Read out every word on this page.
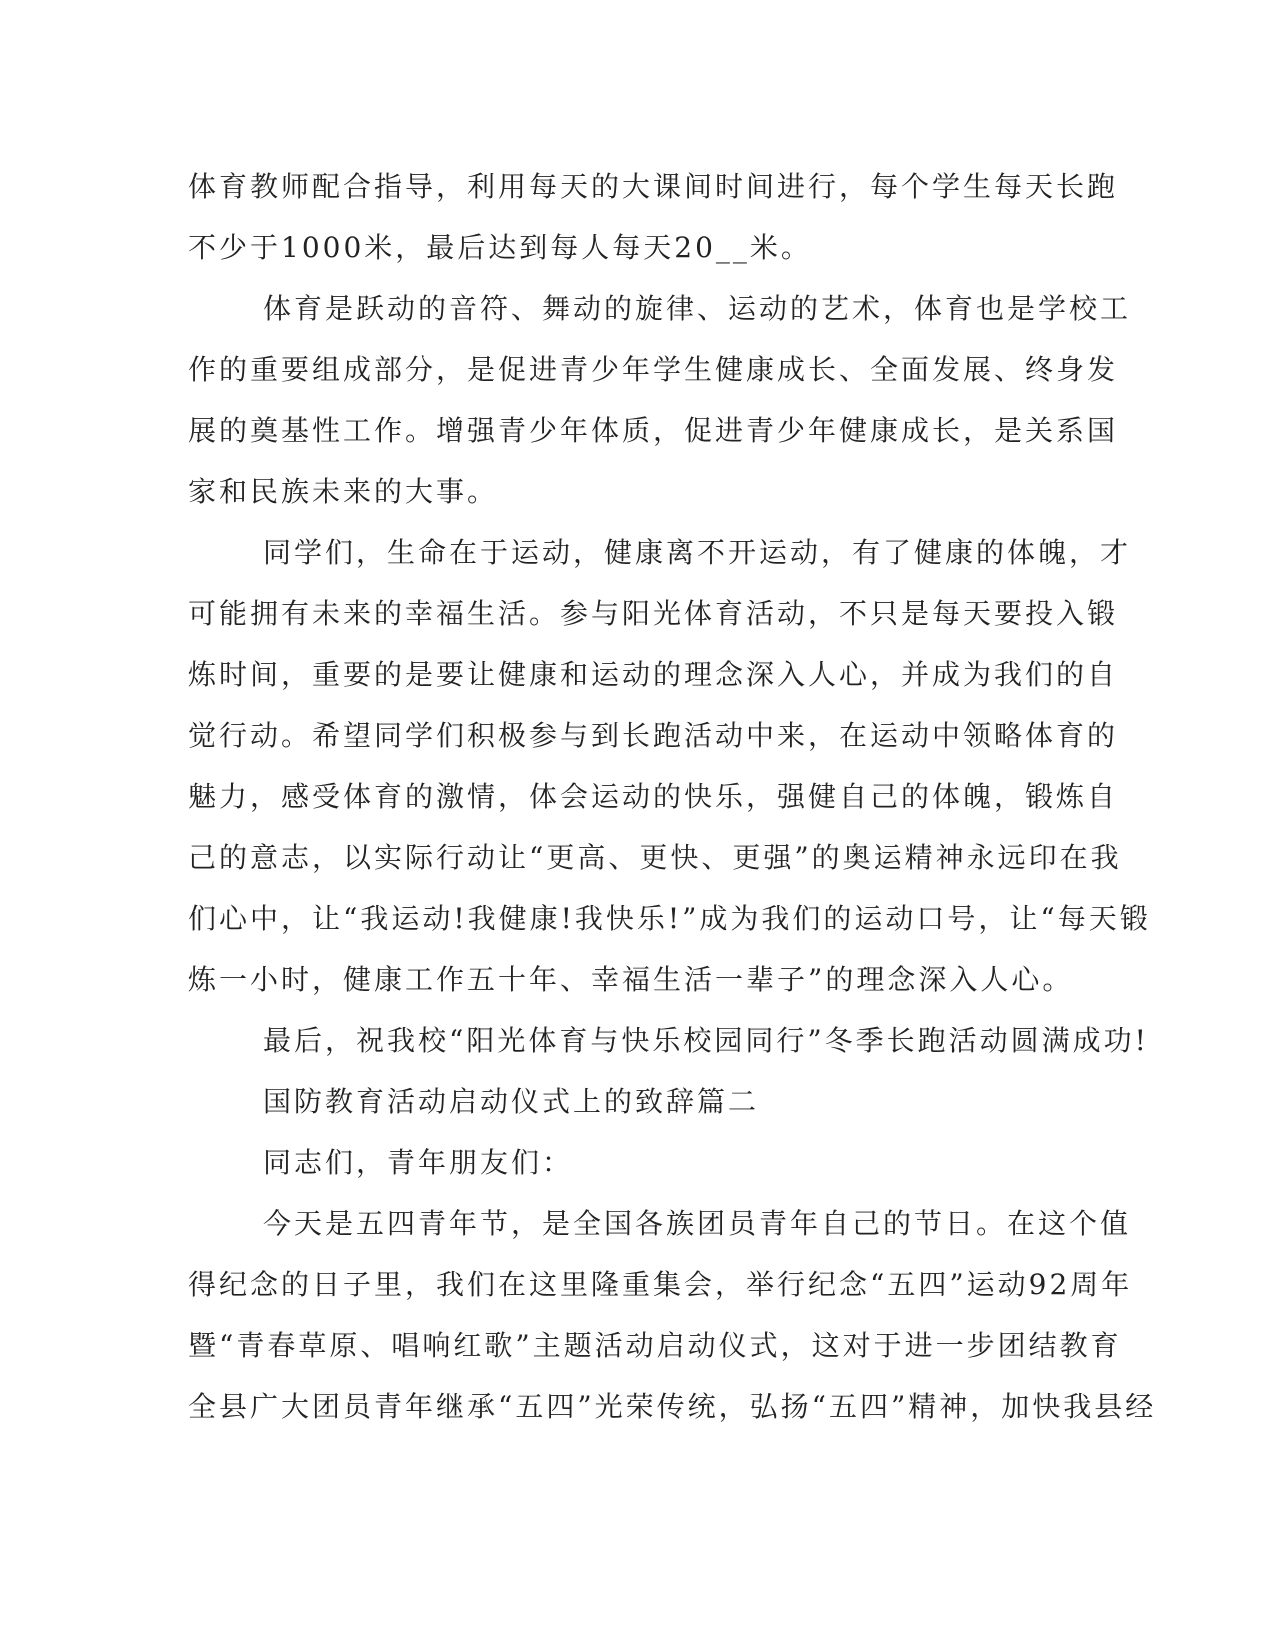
体育教师配合指导，利用每天的大课间时间进行，每个学生每天长跑
不少于1000米，最后达到每人每天20__米。
体育是跃动的音符、舞动的旋律、运动的艺术，体育也是学校工
作的重要组成部分，是促进青少年学生健康成长、全面发展、终身发
展的奠基性工作。增强青少年体质，促进青少年健康成长，是关系国
家和民族未来的大事。
同学们，生命在于运动，健康离不开运动，有了健康的体魄，才
可能拥有未来的幸福生活。参与阳光体育活动，不只是每天要投入锻
炼时间，重要的是要让健康和运动的理念深入人心，并成为我们的自
觉行动。希望同学们积极参与到长跑活动中来，在运动中领略体育的
魅力，感受体育的激情，体会运动的快乐，强健自己的体魄，锻炼自
己的意志，以实际行动让“更高、更快、更强”的奥运精神永远印在我
们心中，让“我运动!我健康!我快乐!”成为我们的运动口号，让“每天锻
炼一小时，健康工作五十年、幸福生活一辈子”的理念深入人心。
最后，祝我校“阳光体育与快乐校园同行”冬季长跑活动圆满成功!
国防教育活动启动仪式上的致辞篇二
同志们，青年朋友们：
今天是五四青年节，是全国各族团员青年自己的节日。在这个值
得纪念的日子里，我们在这里隆重集会，举行纪念“五四”运动92周年
暨“青春草原、唱响红歌”主题活动启动仪式，这对于进一步团结教育
全县广大团员青年继承“五四”光荣传统，弘扬“五四”精神，加快我县经
